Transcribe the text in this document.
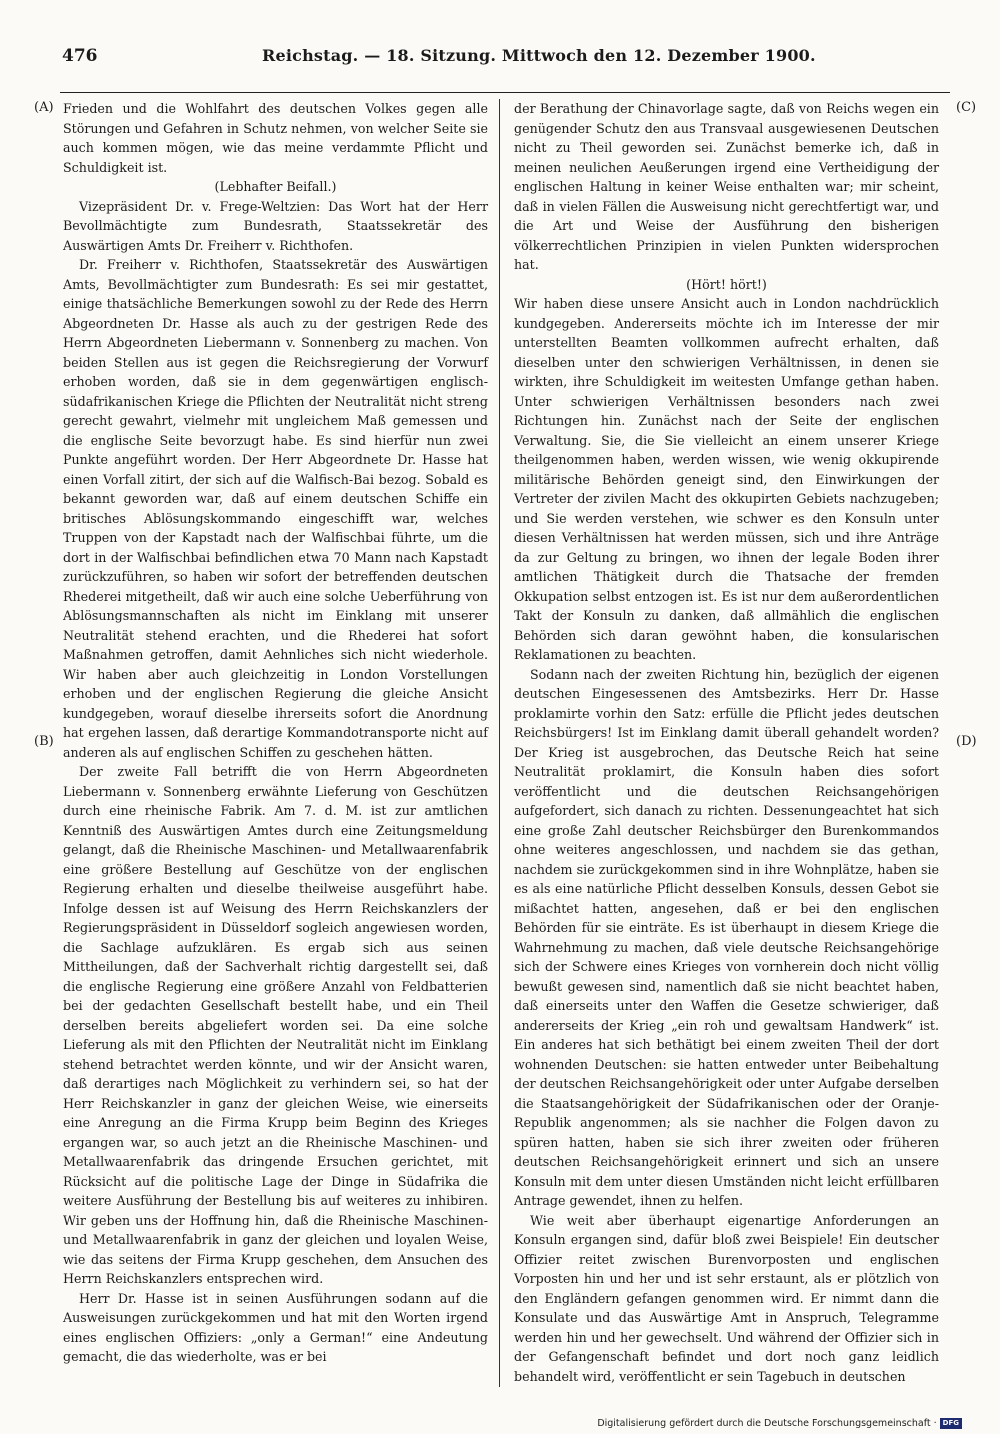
476	Reichstag. — 18. Sitzung. Mittwoch den 12. Dezember 1900.
(A)
(B)
(C)
(D)

Frieden und die Wohlfahrt des deutschen Volkes gegen alle Störungen und Gefahren in Schutz nehmen, von welcher Seite sie auch kommen mögen, wie das meine verdammte Pflicht und Schuldigkeit ist.

(Lebhafter Beifall.)

Vizepräsident Dr. v. Frege-Weltzien: Das Wort hat der Herr Bevollmächtigte zum Bundesrath, Staatssekretär des Auswärtigen Amts Dr. Freiherr v. Richthofen.

Dr. Freiherr v. Richthofen, Staatssekretär des Auswärtigen Amts, Bevollmächtigter zum Bundesrath: Es sei mir gestattet, einige thatsächliche Bemerkungen sowohl zu der Rede des Herrn Abgeordneten Dr. Hasse als auch zu der gestrigen Rede des Herrn Abgeordneten Liebermann v. Sonnenberg zu machen. Von beiden Stellen aus ist gegen die Reichsregierung der Vorwurf erhoben worden, daß sie in dem gegenwärtigen englisch-südafrikanischen Kriege die Pflichten der Neutralität nicht streng gerecht gewahrt, vielmehr mit ungleichem Maß gemessen und die englische Seite bevorzugt habe. Es sind hierfür nun zwei Punkte angeführt worden. Der Herr Abgeordnete Dr. Hasse hat einen Vorfall zitirt, der sich auf die Walfisch-Bai bezog. Sobald es bekannt geworden war, daß auf einem deutschen Schiffe ein britisches Ablösungskommando eingeschifft war, welches Truppen von der Kapstadt nach der Walfischbai führte, um die dort in der Walfischbai befindlichen etwa 70 Mann nach Kapstadt zurückzuführen, so haben wir sofort der betreffenden deutschen Rhederei mitgetheilt, daß wir auch eine solche Ueberführung von Ablösungsmannschaften als nicht im Einklang mit unserer Neutralität stehend erachten, und die Rhederei hat sofort Maßnahmen getroffen, damit Aehnliches sich nicht wiederhole. Wir haben aber auch gleichzeitig in London Vorstellungen erhoben und der englischen Regierung die gleiche Ansicht kundgegeben, worauf dieselbe ihrerseits sofort die Anordnung hat ergehen lassen, daß derartige Kommandotransporte nicht auf anderen als auf englischen Schiffen zu geschehen hätten.

Der zweite Fall betrifft die von Herrn Abgeordneten Liebermann v. Sonnenberg erwähnte Lieferung von Geschützen durch eine rheinische Fabrik. Am 7. d. M. ist zur amtlichen Kenntniß des Auswärtigen Amtes durch eine Zeitungsmeldung gelangt, daß die Rheinische Maschinen- und Metallwaarenfabrik eine größere Bestellung auf Geschütze von der englischen Regierung erhalten und dieselbe theilweise ausgeführt habe. Infolge dessen ist auf Weisung des Herrn Reichskanzlers der Regierungspräsident in Düsseldorf sogleich angewiesen worden, die Sachlage aufzuklären. Es ergab sich aus seinen Mittheilungen, daß der Sachverhalt richtig dargestellt sei, daß die englische Regierung eine größere Anzahl von Feldbatterien bei der gedachten Gesellschaft bestellt habe, und ein Theil derselben bereits abgeliefert worden sei. Da eine solche Lieferung als mit den Pflichten der Neutralität nicht im Einklang stehend betrachtet werden könnte, und wir der Ansicht waren, daß derartiges nach Möglichkeit zu verhindern sei, so hat der Herr Reichskanzler in ganz der gleichen Weise, wie einerseits eine Anregung an die Firma Krupp beim Beginn des Krieges ergangen war, so auch jetzt an die Rheinische Maschinen- und Metallwaarenfabrik das dringende Ersuchen gerichtet, mit Rücksicht auf die politische Lage der Dinge in Südafrika die weitere Ausführung der Bestellung bis auf weiteres zu inhibiren. Wir geben uns der Hoffnung hin, daß die Rheinische Maschinen- und Metallwaarenfabrik in ganz der gleichen und loyalen Weise, wie das seitens der Firma Krupp geschehen, dem Ansuchen des Herrn Reichskanzlers entsprechen wird.

Herr Dr. Hasse ist in seinen Ausführungen sodann auf die Ausweisungen zurückgekommen und hat mit den Worten irgend eines englischen Offiziers: „only a German!“ eine Andeutung gemacht, die das wiederholte, was er bei

der Berathung der Chinavorlage sagte, daß von Reichs wegen ein genügender Schutz den aus Transvaal ausgewiesenen Deutschen nicht zu Theil geworden sei. Zunächst bemerke ich, daß in meinen neulichen Aeußerungen irgend eine Vertheidigung der englischen Haltung in keiner Weise enthalten war; mir scheint, daß in vielen Fällen die Ausweisung nicht gerechtfertigt war, und die Art und Weise der Ausführung den bisherigen völkerrechtlichen Prinzipien in vielen Punkten widersprochen hat.

(Hört! hört!)

Wir haben diese unsere Ansicht auch in London nachdrücklich kundgegeben. Andererseits möchte ich im Interesse der mir unterstellten Beamten vollkommen aufrecht erhalten, daß dieselben unter den schwierigen Verhältnissen, in denen sie wirkten, ihre Schuldigkeit im weitesten Umfange gethan haben. Unter schwierigen Verhältnissen besonders nach zwei Richtungen hin. Zunächst nach der Seite der englischen Verwaltung. Sie, die Sie vielleicht an einem unserer Kriege theilgenommen haben, werden wissen, wie wenig okkupirende militärische Behörden geneigt sind, den Einwirkungen der Vertreter der zivilen Macht des okkupirten Gebiets nachzugeben; und Sie werden verstehen, wie schwer es den Konsuln unter diesen Verhältnissen hat werden müssen, sich und ihre Anträge da zur Geltung zu bringen, wo ihnen der legale Boden ihrer amtlichen Thätigkeit durch die Thatsache der fremden Okkupation selbst entzogen ist. Es ist nur dem außerordentlichen Takt der Konsuln zu danken, daß allmählich die englischen Behörden sich daran gewöhnt haben, die konsularischen Reklamationen zu beachten.

Sodann nach der zweiten Richtung hin, bezüglich der eigenen deutschen Eingesessenen des Amtsbezirks. Herr Dr. Hasse proklamirte vorhin den Satz: erfülle die Pflicht jedes deutschen Reichsbürgers! Ist im Einklang damit überall gehandelt worden? Der Krieg ist ausgebrochen, das Deutsche Reich hat seine Neutralität proklamirt, die Konsuln haben dies sofort veröffentlicht und die deutschen Reichsangehörigen aufgefordert, sich danach zu richten. Dessenungeachtet hat sich eine große Zahl deutscher Reichsbürger den Burenkommandos ohne weiteres angeschlossen, und nachdem sie das gethan, nachdem sie zurückgekommen sind in ihre Wohnplätze, haben sie es als eine natürliche Pflicht desselben Konsuls, dessen Gebot sie mißachtet hatten, angesehen, daß er bei den englischen Behörden für sie einträte. Es ist überhaupt in diesem Kriege die Wahrnehmung zu machen, daß viele deutsche Reichsangehörige sich der Schwere eines Krieges von vornherein doch nicht völlig bewußt gewesen sind, namentlich daß sie nicht beachtet haben, daß einerseits unter den Waffen die Gesetze schwieriger, daß andererseits der Krieg „ein roh und gewaltsam Handwerk“ ist. Ein anderes hat sich bethätigt bei einem zweiten Theil der dort wohnenden Deutschen: sie hatten entweder unter Beibehaltung der deutschen Reichsangehörigkeit oder unter Aufgabe derselben die Staatsangehörigkeit der Südafrikanischen oder der Oranje-Republik angenommen; als sie nachher die Folgen davon zu spüren hatten, haben sie sich ihrer zweiten oder früheren deutschen Reichsangehörigkeit erinnert und sich an unsere Konsuln mit dem unter diesen Umständen nicht leicht erfüllbaren Antrage gewendet, ihnen zu helfen.

Wie weit aber überhaupt eigenartige Anforderungen an Konsuln ergangen sind, dafür bloß zwei Beispiele! Ein deutscher Offizier reitet zwischen Burenvorposten und englischen Vorposten hin und her und ist sehr erstaunt, als er plötzlich von den Engländern gefangen genommen wird. Er nimmt dann die Konsulate und das Auswärtige Amt in Anspruch, Telegramme werden hin und her gewechselt. Und während der Offizier sich in der Gefangenschaft befindet und dort noch ganz leidlich behandelt wird, veröffentlicht er sein Tagebuch in deutschen

Digitalisierung gefördert durch die Deutsche Forschungsgemeinschaft · DFG
